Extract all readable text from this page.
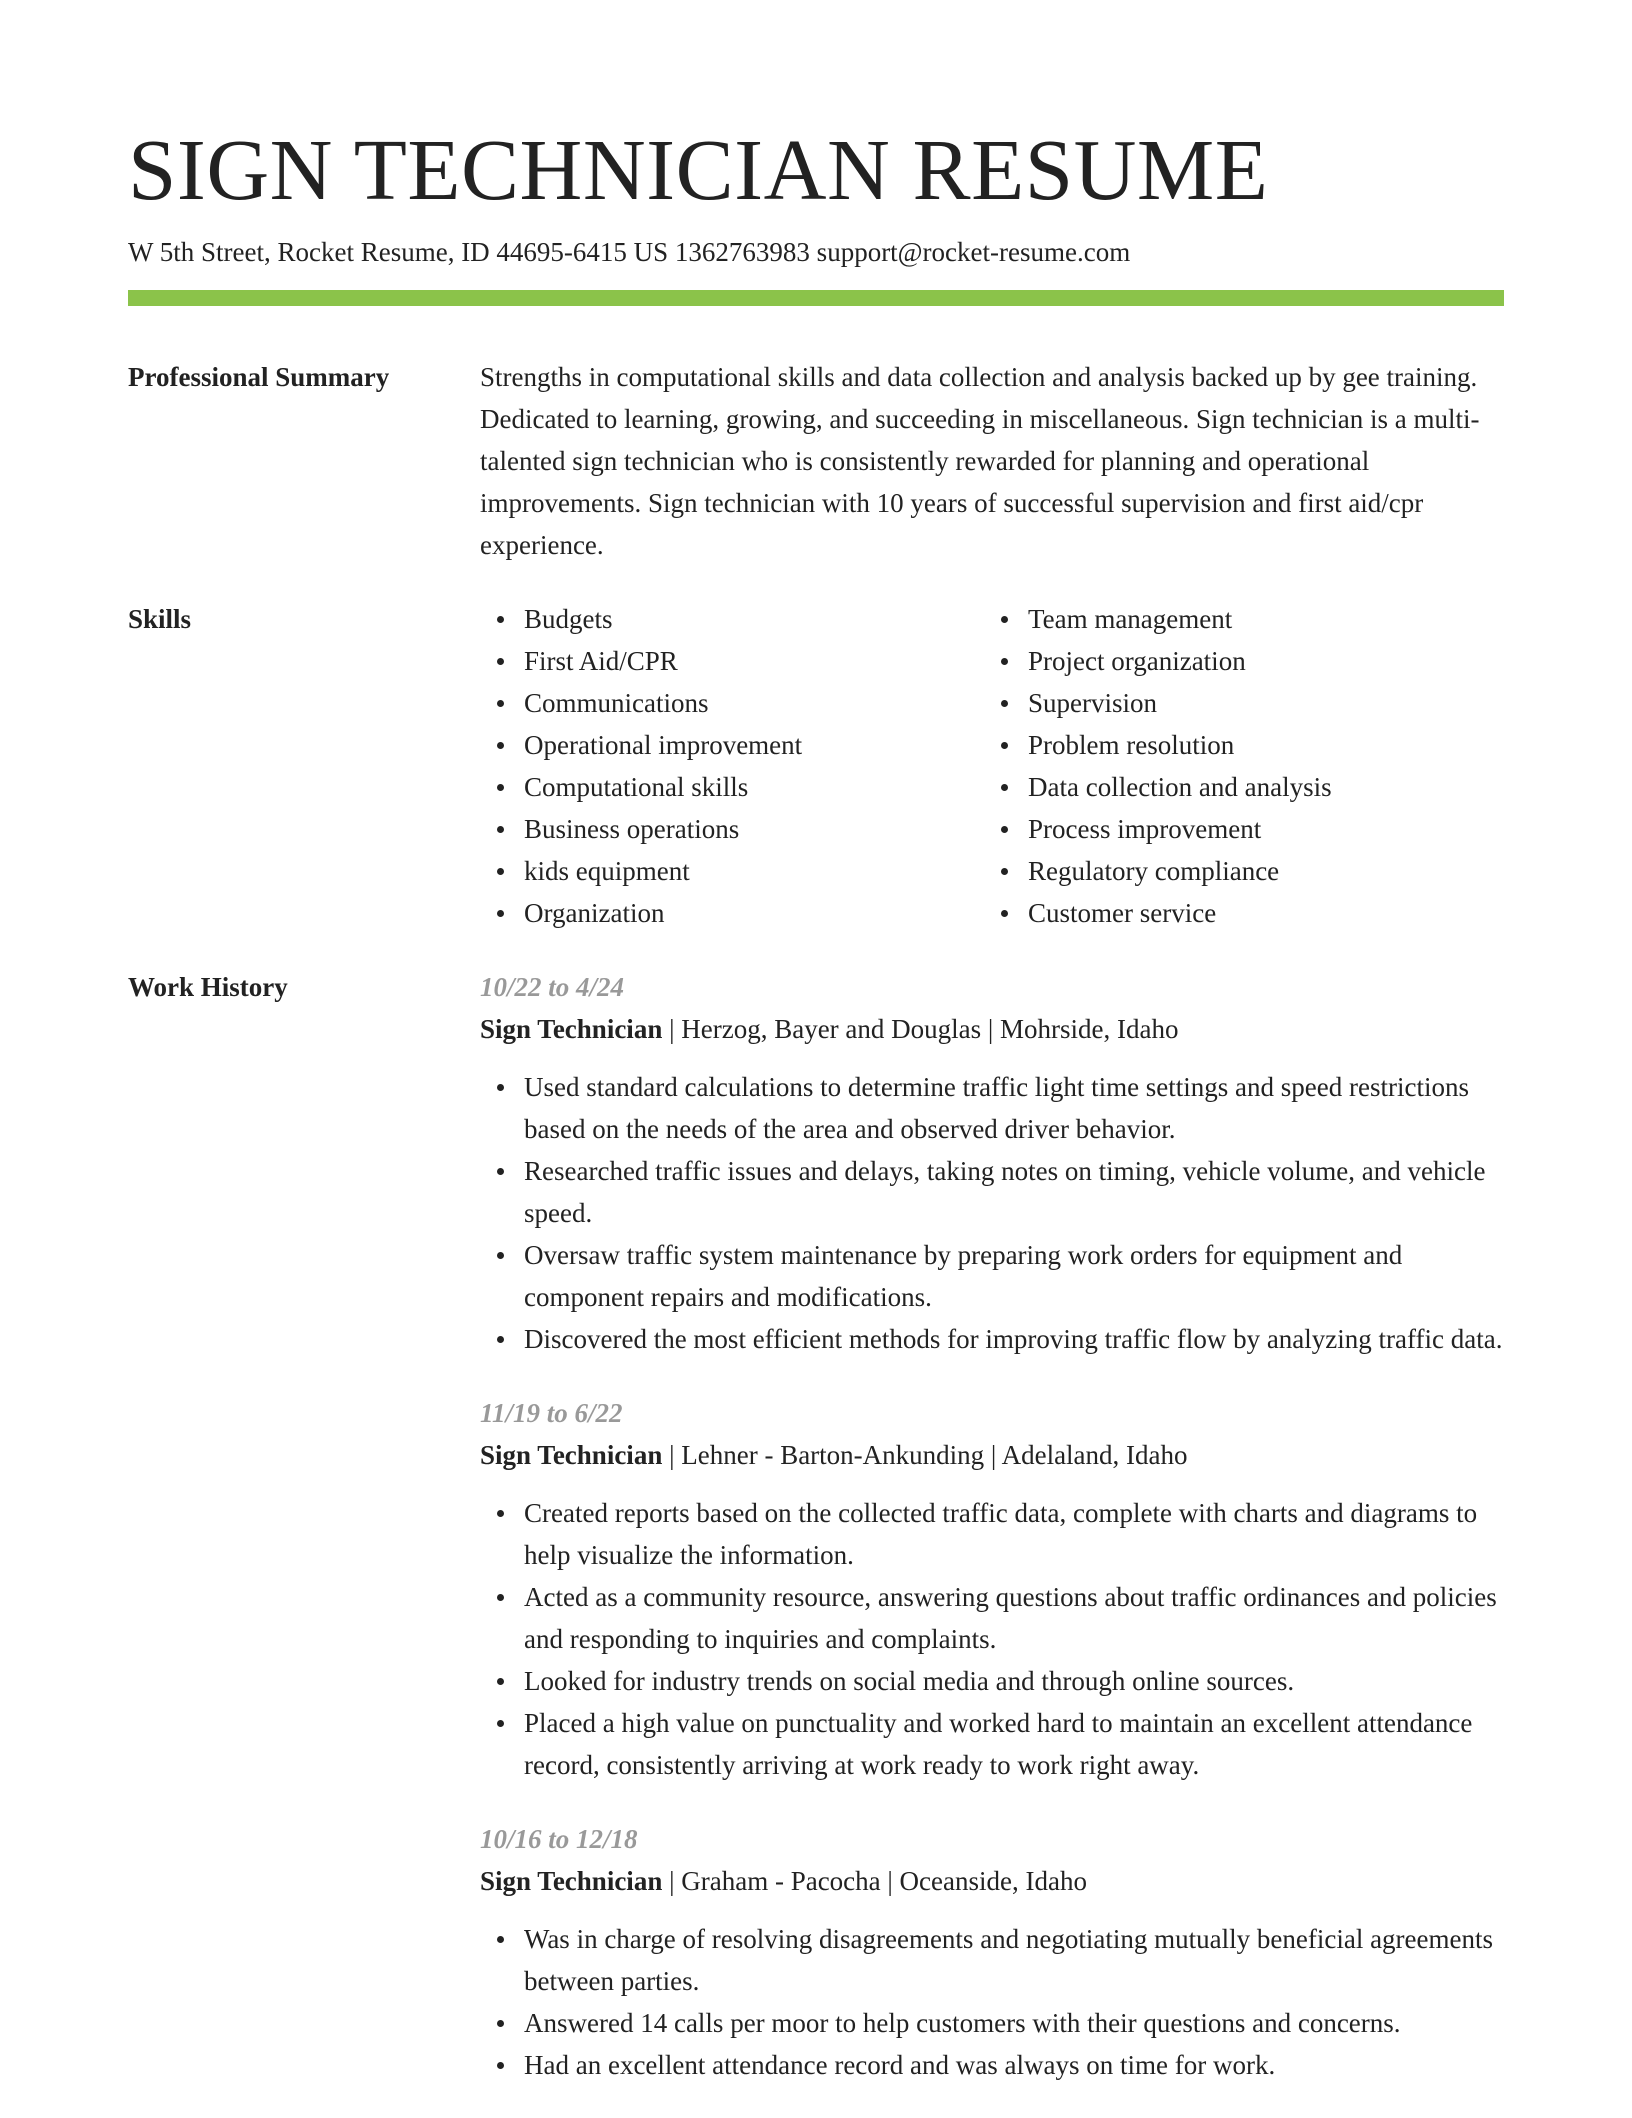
SIGN TECHNICIAN RESUME
W 5th Street, Rocket Resume, ID 44695-6415 US 1362763983 support@rocket-resume.com
Professional Summary	Strengths in computational skills and data collection and analysis backed up by gee training. Dedicated to learning, growing, and succeeding in miscellaneous. Sign technician is a multi-talented sign technician who is consistently rewarded for planning and operational improvements. Sign technician with 10 years of successful supervision and first aid/cpr experience.
Skills	Budgets
First Aid/CPR
Communications
Operational improvement
Computational skills
Business operations
kids equipment
Organization
Team management
Project organization
Supervision
Problem resolution
Data collection and analysis
Process improvement
Regulatory compliance
Customer service
Work History	10/22 to 4/24
Sign Technician | Herzog, Bayer and Douglas | Mohrside, Idaho
Used standard calculations to determine traffic light time settings and speed restrictions based on the needs of the area and observed driver behavior.
Researched traffic issues and delays, taking notes on timing, vehicle volume, and vehicle speed.
Oversaw traffic system maintenance by preparing work orders for equipment and component repairs and modifications.
Discovered the most efficient methods for improving traffic flow by analyzing traffic data.
11/19 to 6/22
Sign Technician | Lehner - Barton-Ankunding | Adelaland, Idaho
Created reports based on the collected traffic data, complete with charts and diagrams to help visualize the information.
Acted as a community resource, answering questions about traffic ordinances and policies and responding to inquiries and complaints.
Looked for industry trends on social media and through online sources.
Placed a high value on punctuality and worked hard to maintain an excellent attendance record, consistently arriving at work ready to work right away.
10/16 to 12/18
Sign Technician | Graham - Pacocha | Oceanside, Idaho
Was in charge of resolving disagreements and negotiating mutually beneficial agreements between parties.
Answered 14 calls per moor to help customers with their questions and concerns.
Had an excellent attendance record and was always on time for work.
